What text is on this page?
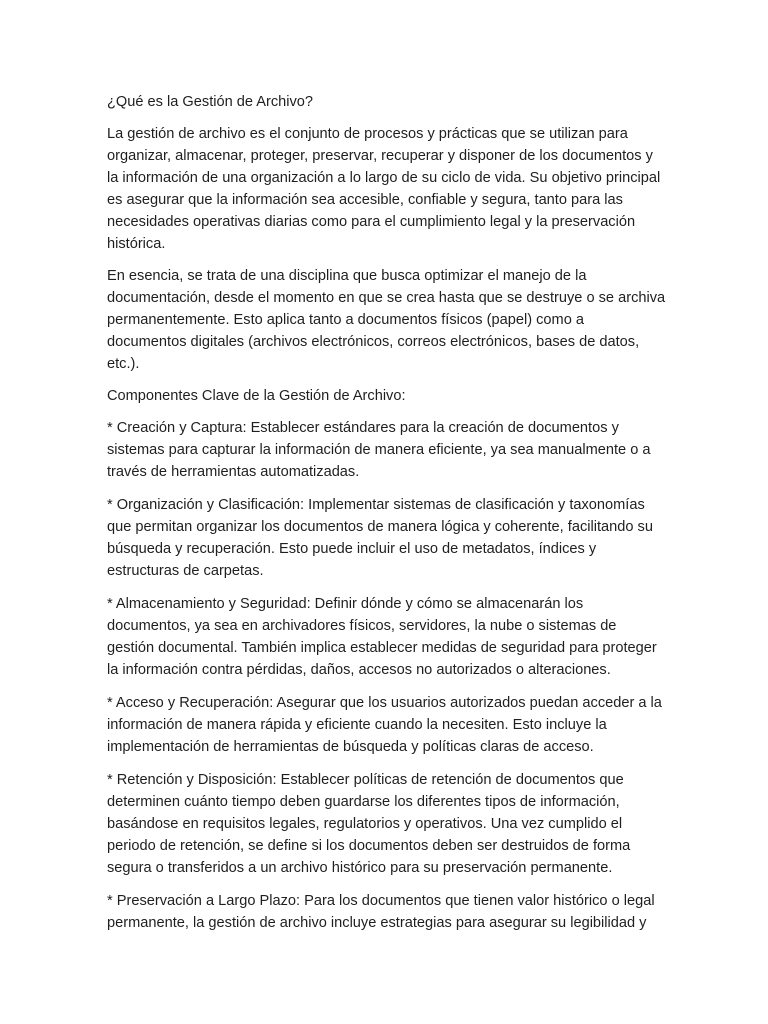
¿Qué es la Gestión de Archivo?

La gestión de archivo es el conjunto de procesos y prácticas que se utilizan para organizar, almacenar, proteger, preservar, recuperar y disponer de los documentos y la información de una organización a lo largo de su ciclo de vida. Su objetivo principal es asegurar que la información sea accesible, confiable y segura, tanto para las necesidades operativas diarias como para el cumplimiento legal y la preservación histórica.

En esencia, se trata de una disciplina que busca optimizar el manejo de la documentación, desde el momento en que se crea hasta que se destruye o se archiva permanentemente. Esto aplica tanto a documentos físicos (papel) como a documentos digitales (archivos electrónicos, correos electrónicos, bases de datos, etc.).

Componentes Clave de la Gestión de Archivo:

* Creación y Captura: Establecer estándares para la creación de documentos y sistemas para capturar la información de manera eficiente, ya sea manualmente o a través de herramientas automatizadas.

* Organización y Clasificación: Implementar sistemas de clasificación y taxonomías que permitan organizar los documentos de manera lógica y coherente, facilitando su búsqueda y recuperación. Esto puede incluir el uso de metadatos, índices y estructuras de carpetas.

* Almacenamiento y Seguridad: Definir dónde y cómo se almacenarán los documentos, ya sea en archivadores físicos, servidores, la nube o sistemas de gestión documental. También implica establecer medidas de seguridad para proteger la información contra pérdidas, daños, accesos no autorizados o alteraciones.

* Acceso y Recuperación: Asegurar que los usuarios autorizados puedan acceder a la información de manera rápida y eficiente cuando la necesiten. Esto incluye la implementación de herramientas de búsqueda y políticas claras de acceso.

* Retención y Disposición: Establecer políticas de retención de documentos que determinen cuánto tiempo deben guardarse los diferentes tipos de información, basándose en requisitos legales, regulatorios y operativos. Una vez cumplido el periodo de retención, se define si los documentos deben ser destruidos de forma segura o transferidos a un archivo histórico para su preservación permanente.

* Preservación a Largo Plazo: Para los documentos que tienen valor histórico o legal permanente, la gestión de archivo incluye estrategias para asegurar su legibilidad y
